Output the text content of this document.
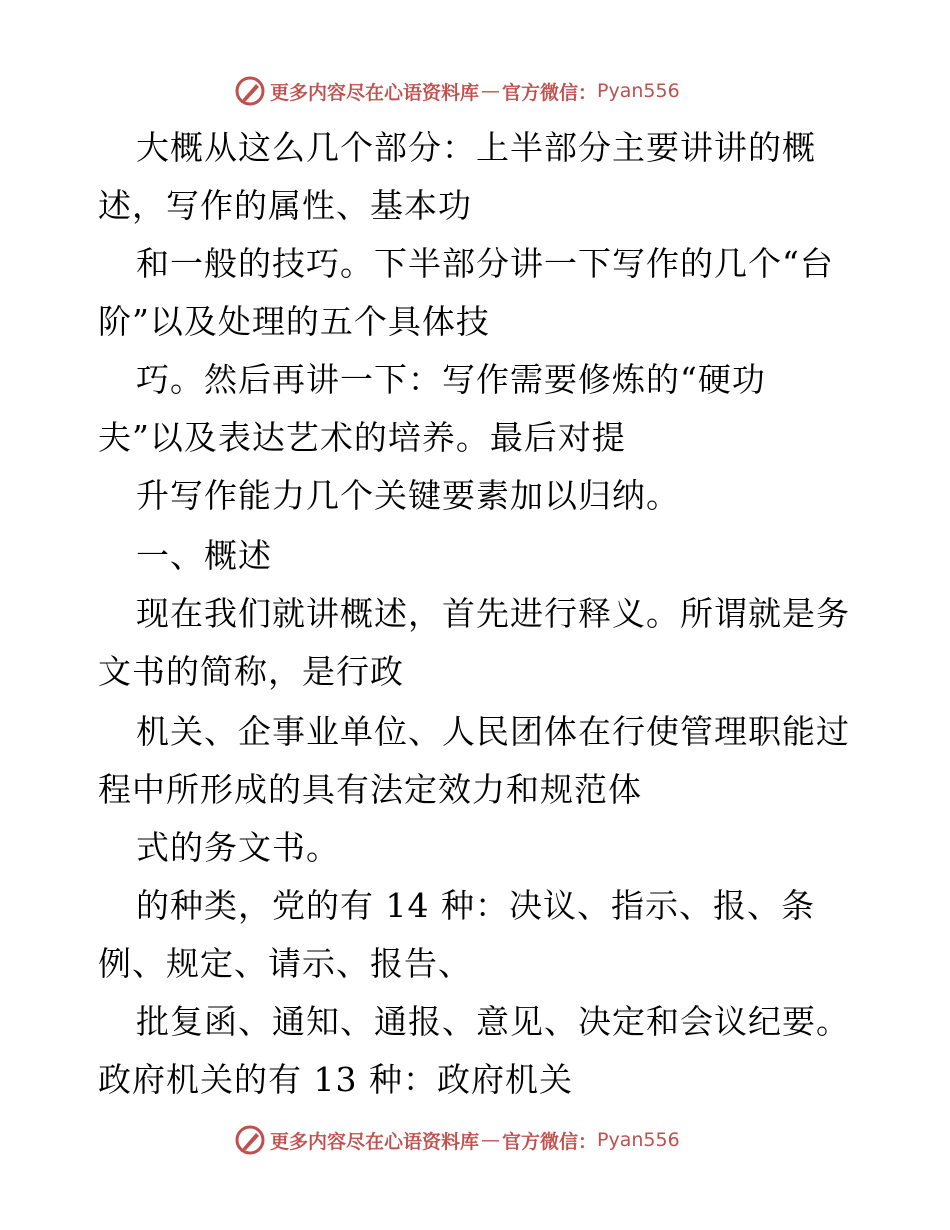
更多内容尽在心语资料库 — 官方微信： Pyan556
大概从这么几个部分：上半部分主要讲讲的概
述，写作的属性、基本功
和一般的技巧。下半部分讲一下写作的几个“台
阶”以及处理的五个具体技
巧。然后再讲一下：写作需要修炼的“硬功
夫”以及表达艺术的培养。最后对提
升写作能力几个关键要素加以归纳。
一、概述
现在我们就讲概述，首先进行释义。所谓就是务
文书的简称，是行政
机关、企事业单位、人民团体在行使管理职能过
程中所形成的具有法定效力和规范体
式的务文书。
的种类，党的有 14 种：决议、指示、报、条
例、规定、请示、报告、
批复函、通知、通报、意见、决定和会议纪要。
政府机关的有 13 种：政府机关
更多内容尽在心语资料库 — 官方微信： Pyan556
